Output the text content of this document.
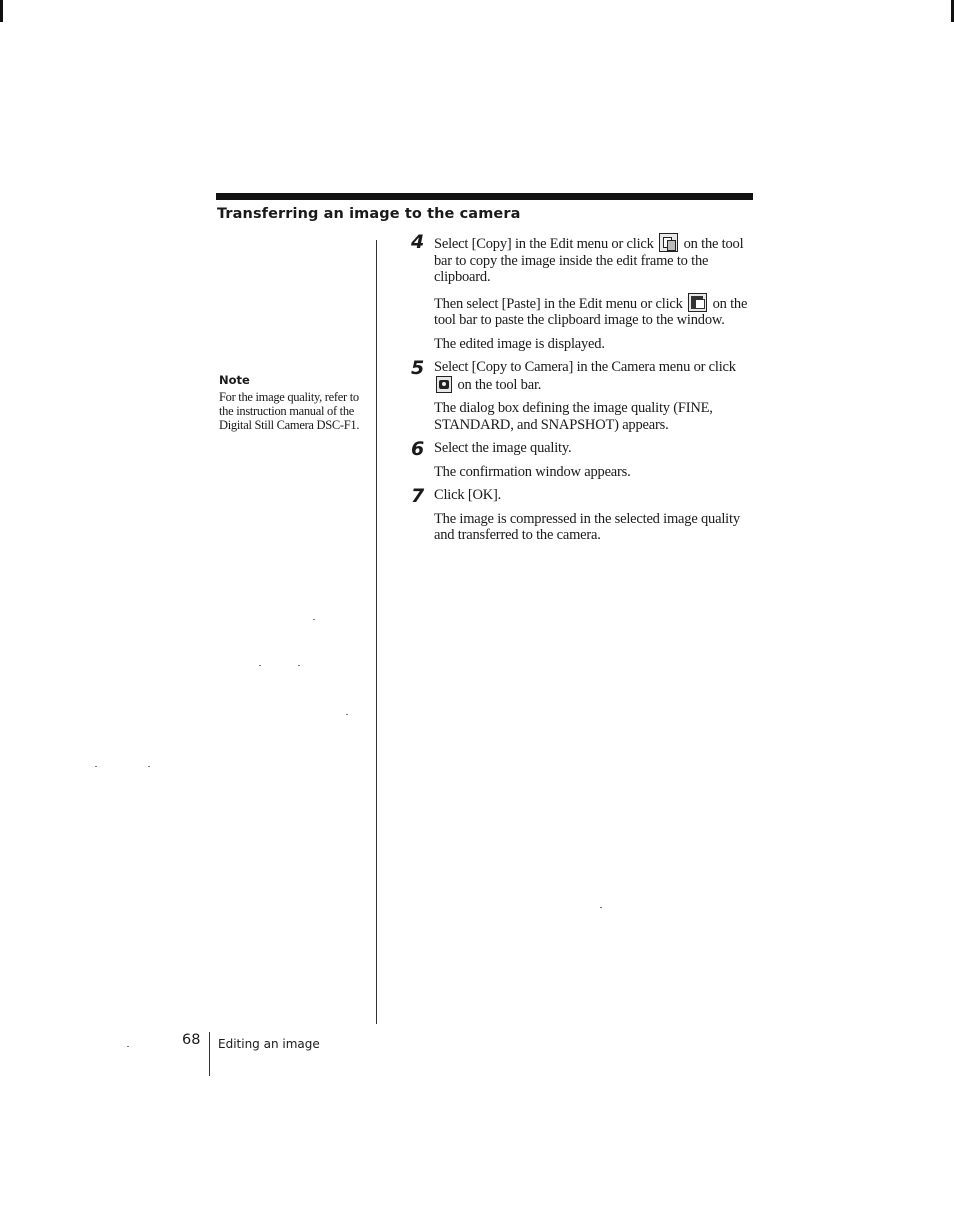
Transferring an image to the camera
Note
For the image quality, refer to the instruction manual of the Digital Still Camera DSC-F1.
4 Select [Copy] in the Edit menu or click on the tool bar to copy the image inside the edit frame to the clipboard.

Then select [Paste] in the Edit menu or click on the tool bar to paste the clipboard image to the window.

The edited image is displayed.

5 Select [Copy to Camera] in the Camera menu or click  on the tool bar.

The dialog box defining the image quality (FINE, STANDARD, and SNAPSHOT) appears.

6 Select the image quality.

The confirmation window appears.

7 Click [OK].

The image is compressed in the selected image quality and transferred to the camera.

68 Editing an image
